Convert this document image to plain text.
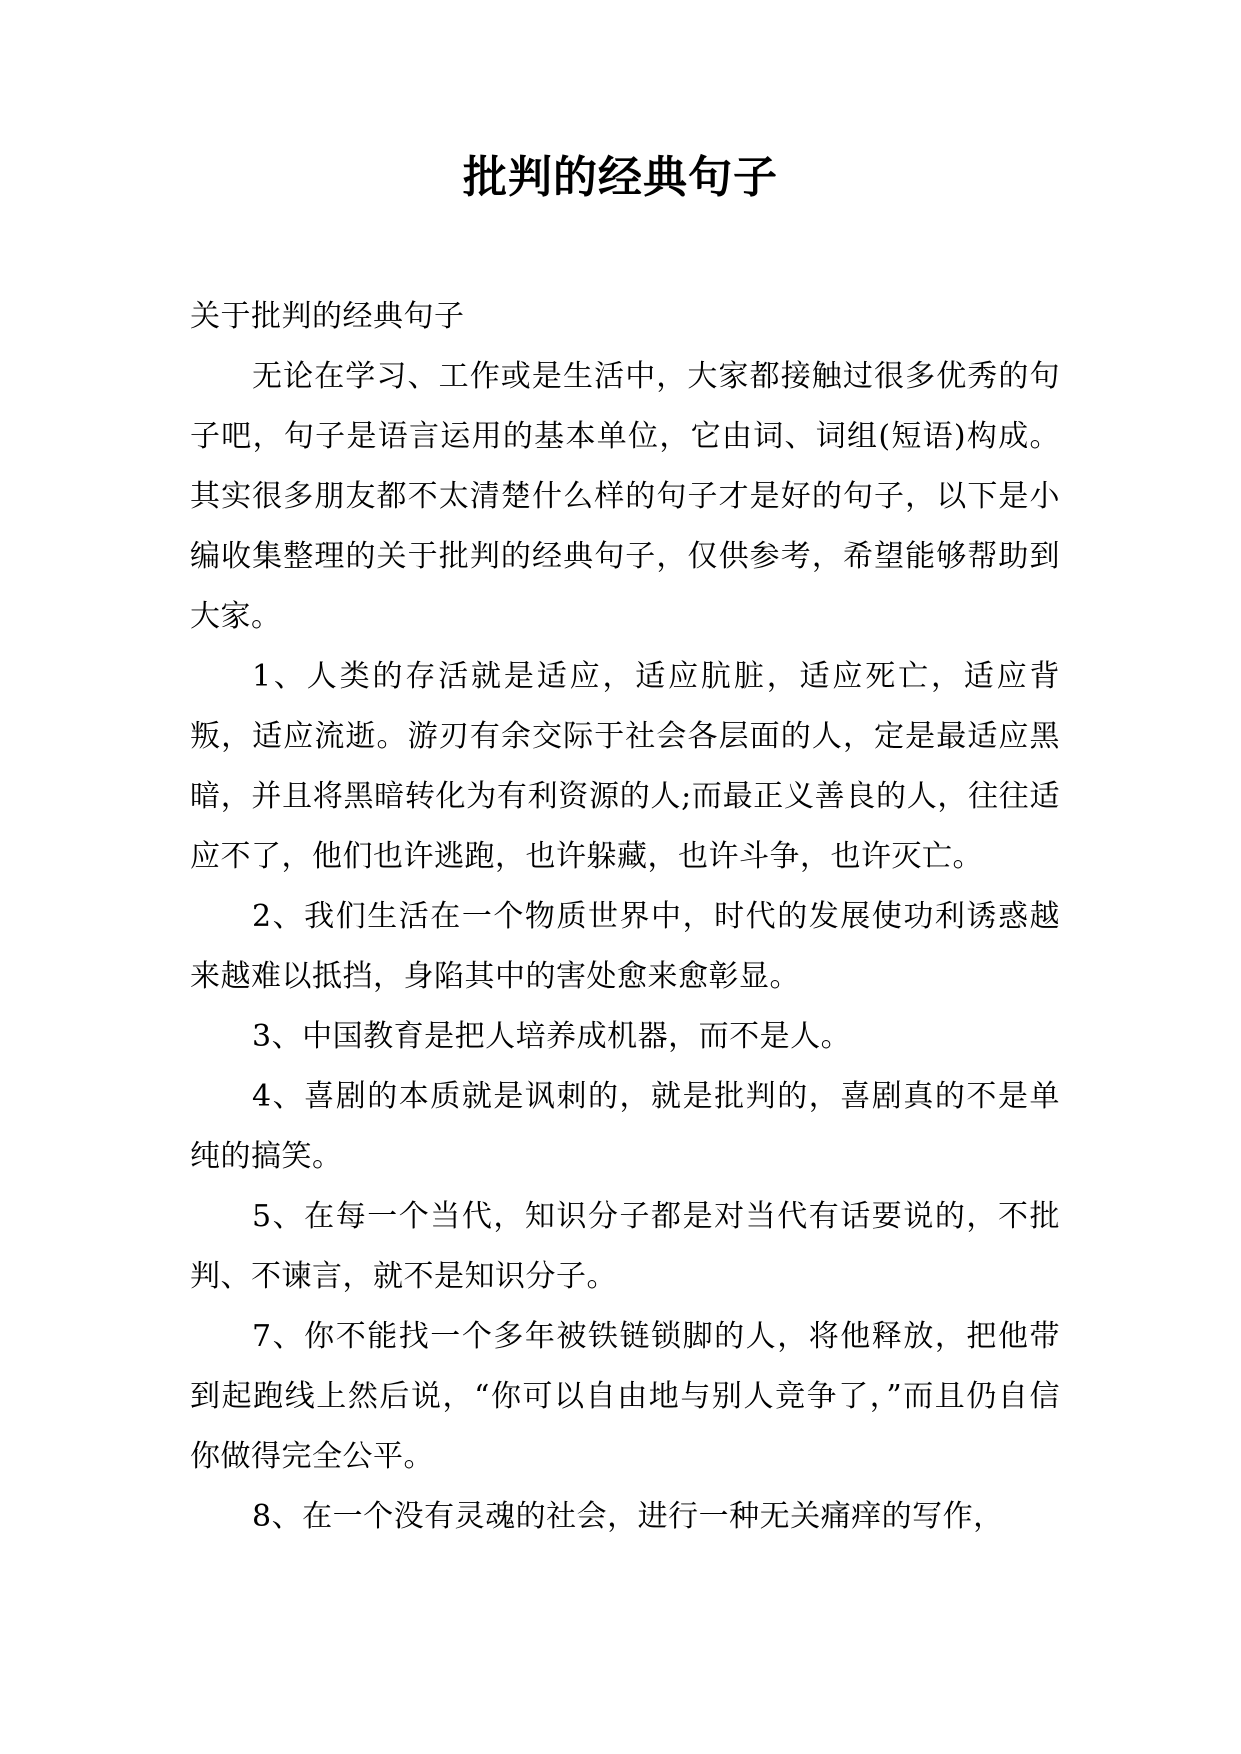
批判的经典句子

关于批判的经典句子

无论在学习、工作或是生活中，大家都接触过很多优秀的句子吧，句子是语言运用的基本单位，它由词、词组(短语)构成。其实很多朋友都不太清楚什么样的句子才是好的句子，以下是小编收集整理的关于批判的经典句子，仅供参考，希望能够帮助到大家。

1、人类的存活就是适应，适应肮脏，适应死亡，适应背叛，适应流逝。游刃有余交际于社会各层面的人，定是最适应黑暗，并且将黑暗转化为有利资源的人;而最正义善良的人，往往适应不了，他们也许逃跑，也许躲藏，也许斗争，也许灭亡。

2、我们生活在一个物质世界中，时代的发展使功利诱惑越来越难以抵挡，身陷其中的害处愈来愈彰显。

3、中国教育是把人培养成机器，而不是人。

4、喜剧的本质就是讽刺的，就是批判的，喜剧真的不是单纯的搞笑。

5、在每一个当代，知识分子都是对当代有话要说的，不批判、不谏言，就不是知识分子。

7、你不能找一个多年被铁链锁脚的人，将他释放，把他带到起跑线上然后说，“你可以自由地与别人竞争了，”而且仍自信你做得完全公平。

8、在一个没有灵魂的社会，进行一种无关痛痒的写作，
